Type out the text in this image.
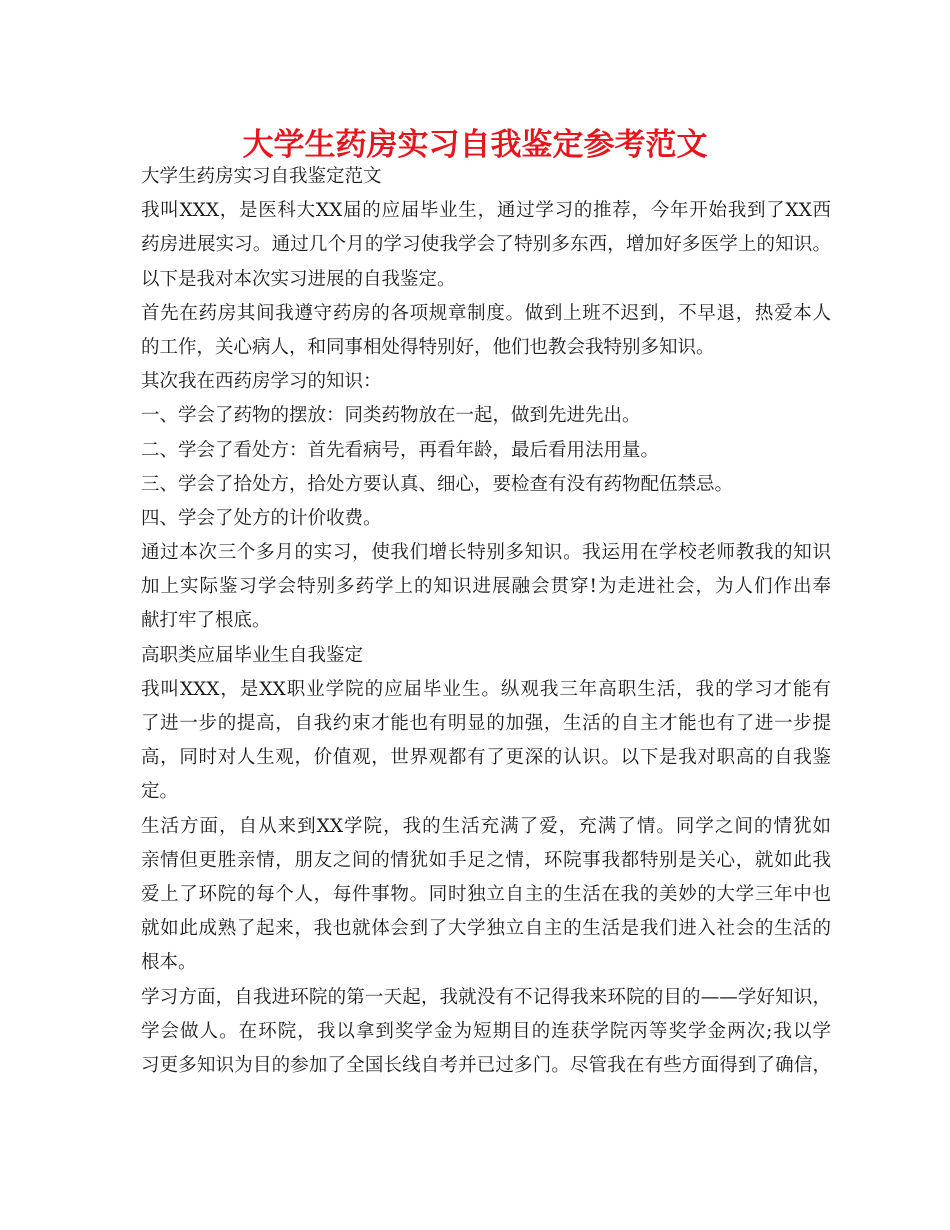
大学生药房实习自我鉴定参考范文
大学生药房实习自我鉴定范文
我叫XXX，是医科大XX届的应届毕业生，通过学习的推荐，今年开始我到了XX西
药房进展实习。通过几个月的学习使我学会了特别多东西，增加好多医学上的知识。
以下是我对本次实习进展的自我鉴定。
首先在药房其间我遵守药房的各项规章制度。做到上班不迟到，不早退，热爱本人
的工作，关心病人，和同事相处得特别好，他们也教会我特别多知识。
其次我在西药房学习的知识：
一、学会了药物的摆放：同类药物放在一起，做到先进先出。
二、学会了看处方：首先看病号，再看年龄，最后看用法用量。
三、学会了拾处方，拾处方要认真、细心，要检查有没有药物配伍禁忌。
四、学会了处方的计价收费。
通过本次三个多月的实习，使我们增长特别多知识。我运用在学校老师教我的知识
加上实际鉴习学会特别多药学上的知识进展融会贯穿!为走进社会，为人们作出奉
献打牢了根底。
高职类应届毕业生自我鉴定
我叫XXX，是XX职业学院的应届毕业生。纵观我三年高职生活，我的学习才能有
了进一步的提高，自我约束才能也有明显的加强，生活的自主才能也有了进一步提
高，同时对人生观，价值观，世界观都有了更深的认识。以下是我对职高的自我鉴
定。
生活方面，自从来到XX学院，我的生活充满了爱，充满了情。同学之间的情犹如
亲情但更胜亲情，朋友之间的情犹如手足之情，环院事我都特别是关心，就如此我
爱上了环院的每个人，每件事物。同时独立自主的生活在我的美妙的大学三年中也
就如此成熟了起来，我也就体会到了大学独立自主的生活是我们进入社会的生活的
根本。
学习方面，自我进环院的第一天起，我就没有不记得我来环院的目的——学好知识，
学会做人。在环院，我以拿到奖学金为短期目的连获学院丙等奖学金两次;我以学
习更多知识为目的参加了全国长线自考并已过多门。尽管我在有些方面得到了确信，
